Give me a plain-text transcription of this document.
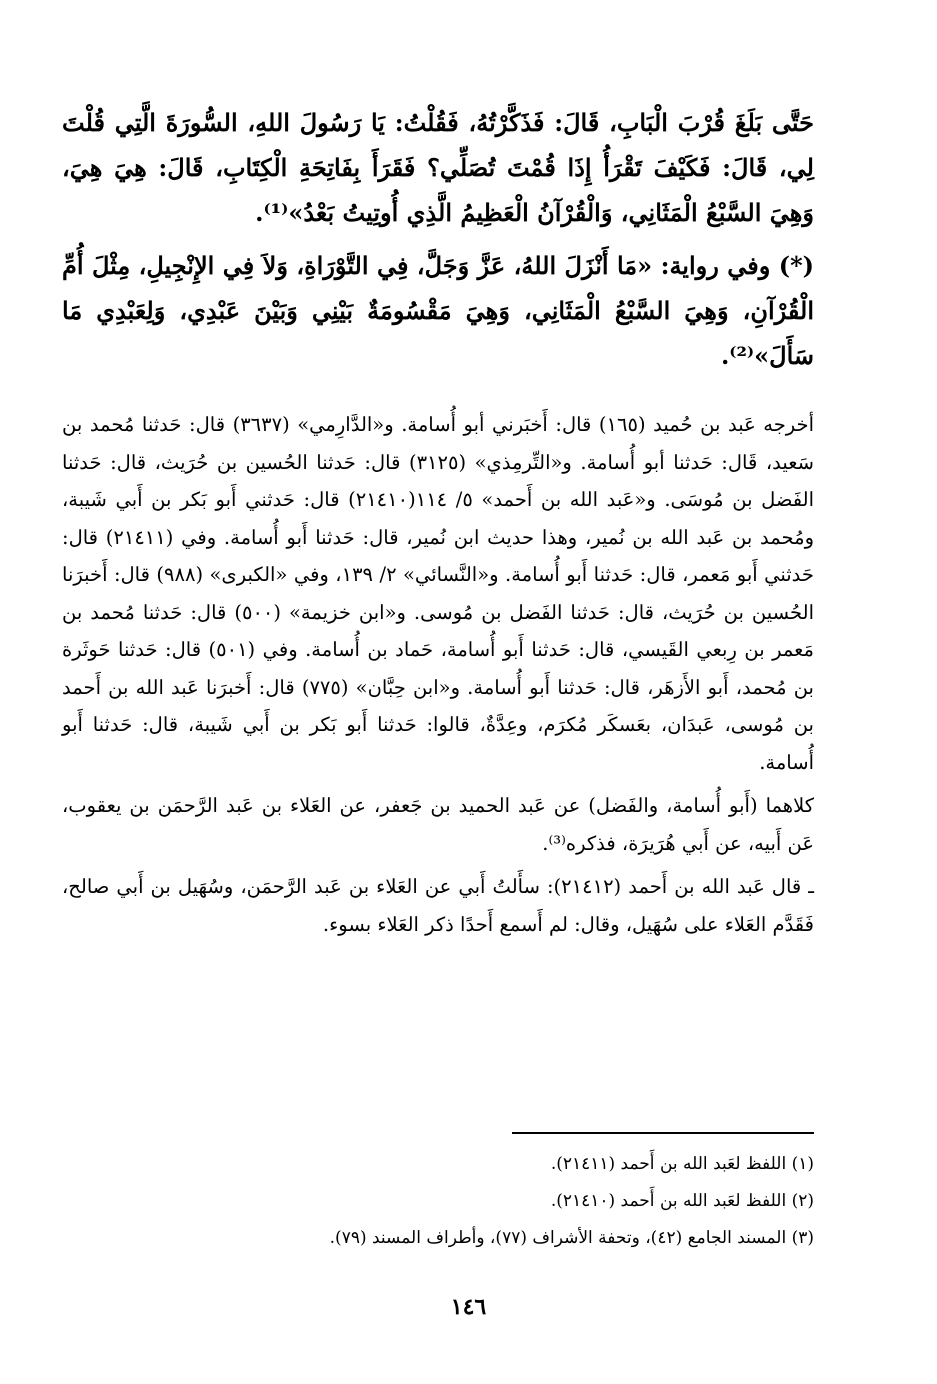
حَتَّى بَلَغَ قُرْبَ الْبَابِ، قَالَ: فَذَكَّرْتُهُ، فَقُلْتُ: يَا رَسُولَ اللهِ، السُّورَةَ الَّتِي قُلْتَ لِي، قَالَ: فَكَيْفَ تَقْرَأُ إِذَا قُمْتَ تُصَلِّي؟ فَقَرَأَ بِفَاتِحَةِ الْكِتَابِ، قَالَ: هِيَ هِيَ، وَهِيَ السَّبْعُ الْمَثَانِي، وَالْقُرْآنُ الْعَظِيمُ الَّذِي أُوتِيتُ بَعْدُ»⁽¹⁾.

(*) وفي رواية: «مَا أَنْزَلَ اللهُ، عَزَّ وَجَلَّ، فِي التَّوْرَاةِ، وَلاَ فِي الإِنْجِيلِ، مِثْلَ أُمِّ الْقُرْآنِ، وَهِيَ السَّبْعُ الْمَثَانِي، وَهِيَ مَقْسُومَةٌ بَيْنِي وَبَيْنَ عَبْدِي، وَلِعَبْدِي مَا سَأَلَ»⁽²⁾.

أخرجه عَبد بن حُميد (١٦٥) قال: أَخبَرني أبو أُسامة. و«الدَّارِمي» (٣٦٣٧) قال: حَدثنا مُحمد بن سَعيد، قَال: حَدثنا أبو أُسامة. و«التِّرمِذي» (٣١٢٥) قال: حَدثنا الحُسين بن حُرَيث، قال: حَدثنا الفَضل بن مُوسَى. و«عَبد الله بن أَحمد» ٥/ ١١٤(٢١٤١٠) قال: حَدثني أَبو بَكر بن أَبي شَيبة، ومُحمد بن عَبد الله بن نُمير، وهذا حديث ابن نُمير، قال: حَدثنا أَبو أُسامة. وفي (٢١٤١١) قال: حَدثني أَبو مَعمر، قال: حَدثنا أَبو أُسامة. و«النَّسائي» ٢/ ١٣٩، وفي «الكبرى» (٩٨٨) قال: أَخبرَنا الحُسين بن حُرَيث، قال: حَدثنا الفَضل بن مُوسى. و«ابن خزيمة» (٥٠٠) قال: حَدثنا مُحمد بن مَعمر بن رِبعي القَيسي، قال: حَدثنا أَبو أُسامة، حَماد بن أُسامة. وفي (٥٠١) قال: حَدثنا حَوثَرة بن مُحمد، أَبو الأَزهَر، قال: حَدثنا أَبو أُسامة. و«ابن حِبَّان» (٧٧٥) قال: أَخبرَنا عَبد الله بن أَحمد بن مُوسى، عَبدَان، بعَسكَر مُكرَم، وعِدَّةٌ، قالوا: حَدثنا أَبو بَكر بن أَبي شَيبة، قال: حَدثنا أَبو أُسامة.

كلاهما (أَبو أُسامة، والفَضل) عن عَبد الحميد بن جَعفر، عن العَلاء بن عَبد الرَّحمَن بن يعقوب، عَن أَبيه، عن أَبي هُرَيرَة، فذكره⁽³⁾.

ـ قال عَبد الله بن أَحمد (٢١٤١٢): سأَلتُ أَبي عن العَلاء بن عَبد الرَّحمَن، وسُهَيل بن أَبي صالح، فَقَدَّم العَلاء على سُهَيل، وقال: لم أَسمع أَحدًا ذكر العَلاء بسوء.

(١) اللفظ لعَبد الله بن أَحمد (٢١٤١١).
(٢) اللفظ لعَبد الله بن أَحمد (٢١٤١٠).
(٣) المسند الجامع (٤٢)، وتحفة الأشراف (٧٧)، وأطراف المسند (٧٩).
١٤٦
